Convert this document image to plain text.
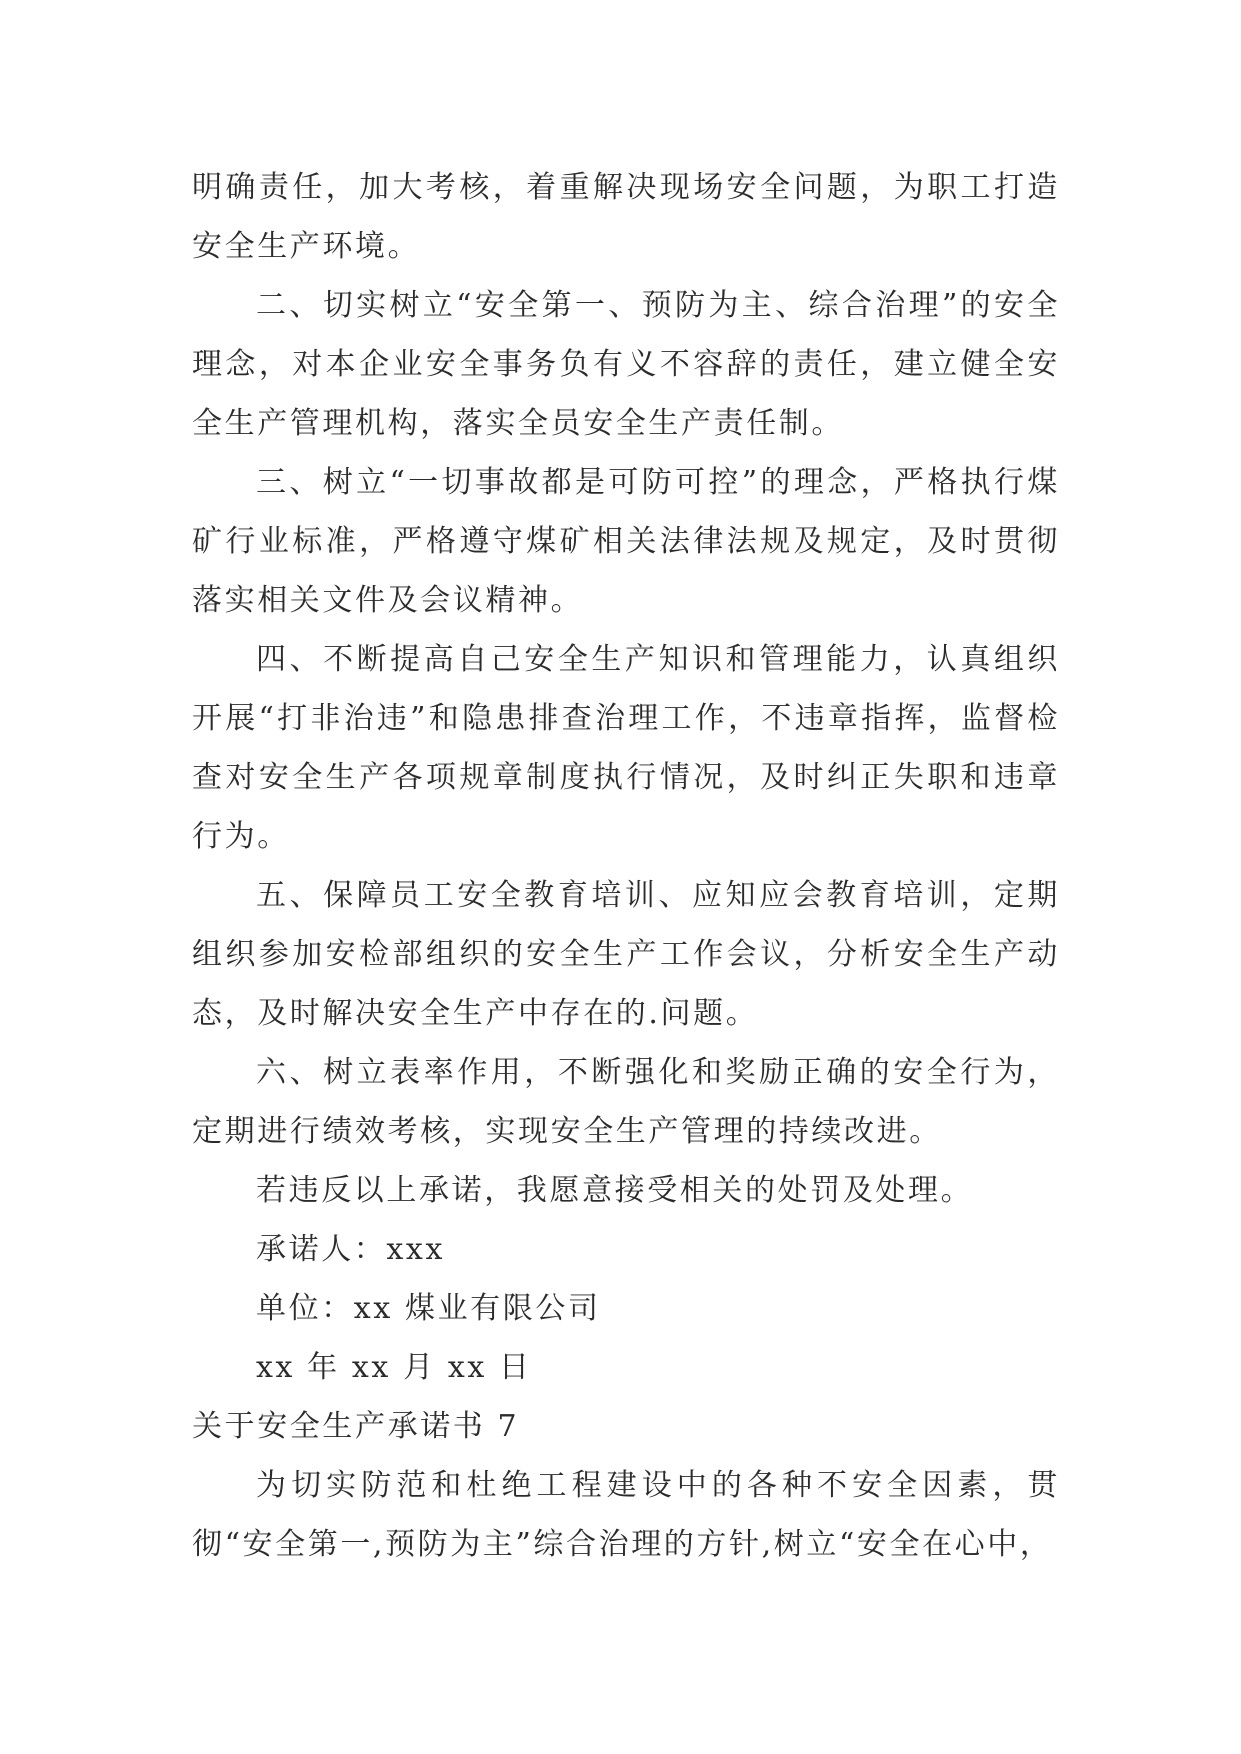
明确责任，加大考核，着重解决现场安全问题，为职工打造安全生产环境。

二、切实树立“安全第一、预防为主、综合治理”的安全理念，对本企业安全事务负有义不容辞的责任，建立健全安全生产管理机构，落实全员安全生产责任制。

三、树立“一切事故都是可防可控”的理念，严格执行煤矿行业标准，严格遵守煤矿相关法律法规及规定，及时贯彻落实相关文件及会议精神。

四、不断提高自己安全生产知识和管理能力，认真组织开展“打非治违”和隐患排查治理工作，不违章指挥，监督检查对安全生产各项规章制度执行情况，及时纠正失职和违章行为。

五、保障员工安全教育培训、应知应会教育培训，定期组织参加安检部组织的安全生产工作会议，分析安全生产动态，及时解决安全生产中存在的.问题。

六、树立表率作用，不断强化和奖励正确的安全行为，定期进行绩效考核，实现安全生产管理的持续改进。

若违反以上承诺，我愿意接受相关的处罚及处理。

承诺人：xxx

单位：xx 煤业有限公司

xx 年 xx 月 xx 日

关于安全生产承诺书 7

为切实防范和杜绝工程建设中的各种不安全因素，贯彻“安全第一,预防为主”综合治理的方针,树立“安全在心中，
